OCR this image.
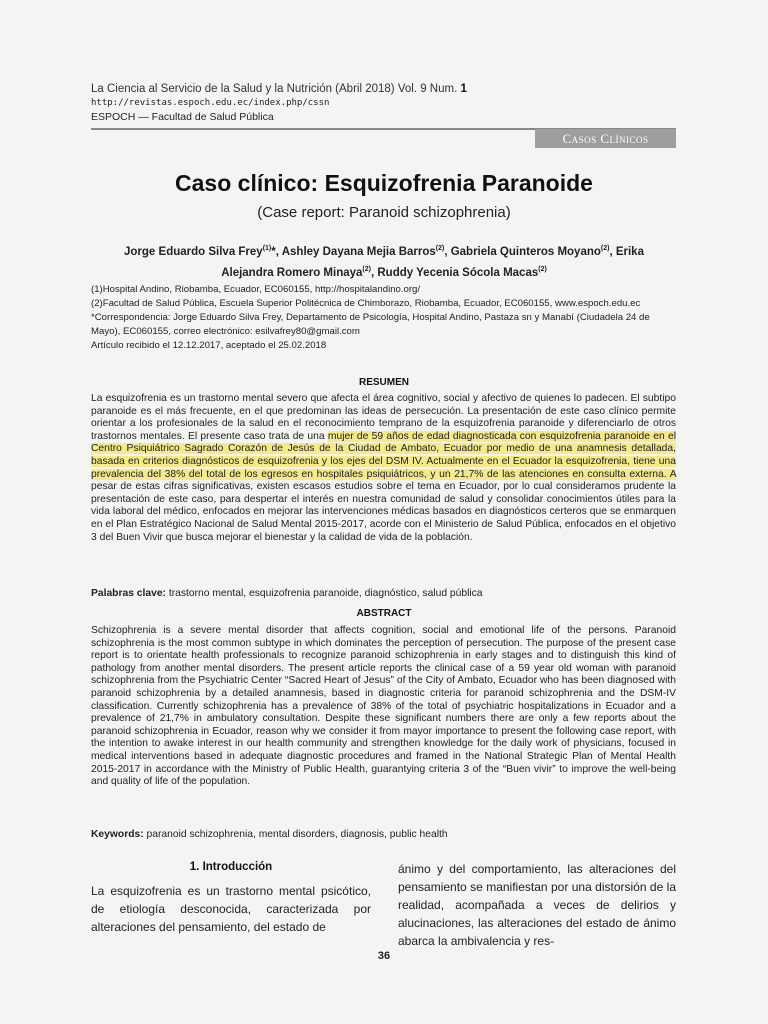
La Ciencia al Servicio de la Salud y la Nutrición (Abril 2018) Vol. 9 Num. 1
http://revistas.espoch.edu.ec/index.php/cssn
ESPOCH — Facultad de Salud Pública
Casos Clínicos
Caso clínico: Esquizofrenia Paranoide
(Case report: Paranoid schizophrenia)
Jorge Eduardo Silva Frey$^{(1)}$*, Ashley Dayana Mejia Barros$^{(2)}$, Gabriela Quinteros Moyano$^{(2)}$, Erika Alejandra Romero Minaya$^{(2)}$, Ruddy Yecenia Sócola Macas$^{(2)}$

(1)Hospital Andino, Riobamba, Ecuador, EC060155, http://hospitalandino.org/

(2)Facultad de Salud Pública, Escuela Superior Politécnica de Chimborazo, Riobamba, Ecuador, EC060155, www.espoch.edu.ec

*Correspondencia: Jorge Eduardo Silva Frey, Departamento de Psicología, Hospital Andino, Pastaza sn y Manabí (Ciudadela 24 de Mayo), EC060155, correo electrónico: esilvafrey80@gmail.com

Artículo recibido el 12.12.2017, aceptado el 25.02.2018

RESUMEN

La esquizofrenia es un trastorno mental severo que afecta el área cognitivo, social y afectivo de quienes lo padecen. El subtipo paranoide es el más frecuente, en el que predominan las ideas de persecución. La presentación de este caso clínico permite orientar a los profesionales de la salud en el reconocimiento temprano de la esquizofrenia paranoide y diferenciarlo de otros trastornos mentales. El presente caso trata de una mujer de 59 años de edad diagnosticada con esquizofrenia paranoide en el Centro Psiquiátrico Sagrado Corazón de Jesús de la Ciudad de Ambato, Ecuador por medio de una anamnesis detallada, basada en criterios diagnósticos de esquizofrenia y los ejes del DSM IV. Actualmente en el Ecuador la esquizofrenia, tiene una prevalencia del 38% del total de los egresos en hospitales psiquiátricos, y un 21,7% de las atenciones en consulta externa. A pesar de estas cifras significativas, existen escasos estudios sobre el tema en Ecuador, por lo cual consideramos prudente la presentación de este caso, para despertar el interés en nuestra comunidad de salud y consolidar conocimientos útiles para la vida laboral del médico, enfocados en mejorar las intervenciones médicas basados en diagnósticos certeros que se enmarquen en el Plan Estratégico Nacional de Salud Mental 2015-2017, acorde con el Ministerio de Salud Pública, enfocados en el objetivo 3 del Buen Vivir que busca mejorar el bienestar y la calidad de vida de la población.

Palabras clave: trastorno mental, esquizofrenia paranoide, diagnóstico, salud pública
ABSTRACT
Schizophrenia is a severe mental disorder that affects cognition, social and emotional life of the persons. Paranoid schizophrenia is the most common subtype in which dominates the perception of persecution. The purpose of the present case report is to orientate health professionals to recognize paranoid schizophrenia in early stages and to distinguish this kind of pathology from another mental disorders. The present article reports the clinical case of a 59 year old woman with paranoid schizophrenia from the Psychiatric Center “Sacred Heart of Jesus” of the City of Ambato, Ecuador who has been diagnosed with paranoid schizophrenia by a detailed anamnesis, based in diagnostic criteria for paranoid schizophrenia and the DSM-IV classification. Currently schizophrenia has a prevalence of 38% of the total of psychiatric hospitalizations in Ecuador and a prevalence of 21,7% in ambulatory consultation. Despite these significant numbers there are only a few reports about the paranoid schizophrenia in Ecuador, reason why we consider it from mayor importance to present the following case report, with the intention to awake interest in our health community and strengthen knowledge for the daily work of physicians, focused in medical interventions based in adequate diagnostic procedures and framed in the National Strategic Plan of Mental Health 2015-2017 in accordance with the Ministry of Public Health, guarantying criteria 3 of the “Buen vivir” to improve the well-being and quality of life of the population.
Keywords: paranoid schizophrenia, mental disorders, diagnosis, public health
1. Introducción
La esquizofrenia es un trastorno mental psicótico, de etiología desconocida, caracterizada por alteraciones del pensamiento, del estado de
ánimo y del comportamiento, las alteraciones del pensamiento se manifiestan por una distorsión de la realidad, acompañada a veces de delirios y alucinaciones, las alteraciones del estado de ánimo abarca la ambivalencia y res-
36
